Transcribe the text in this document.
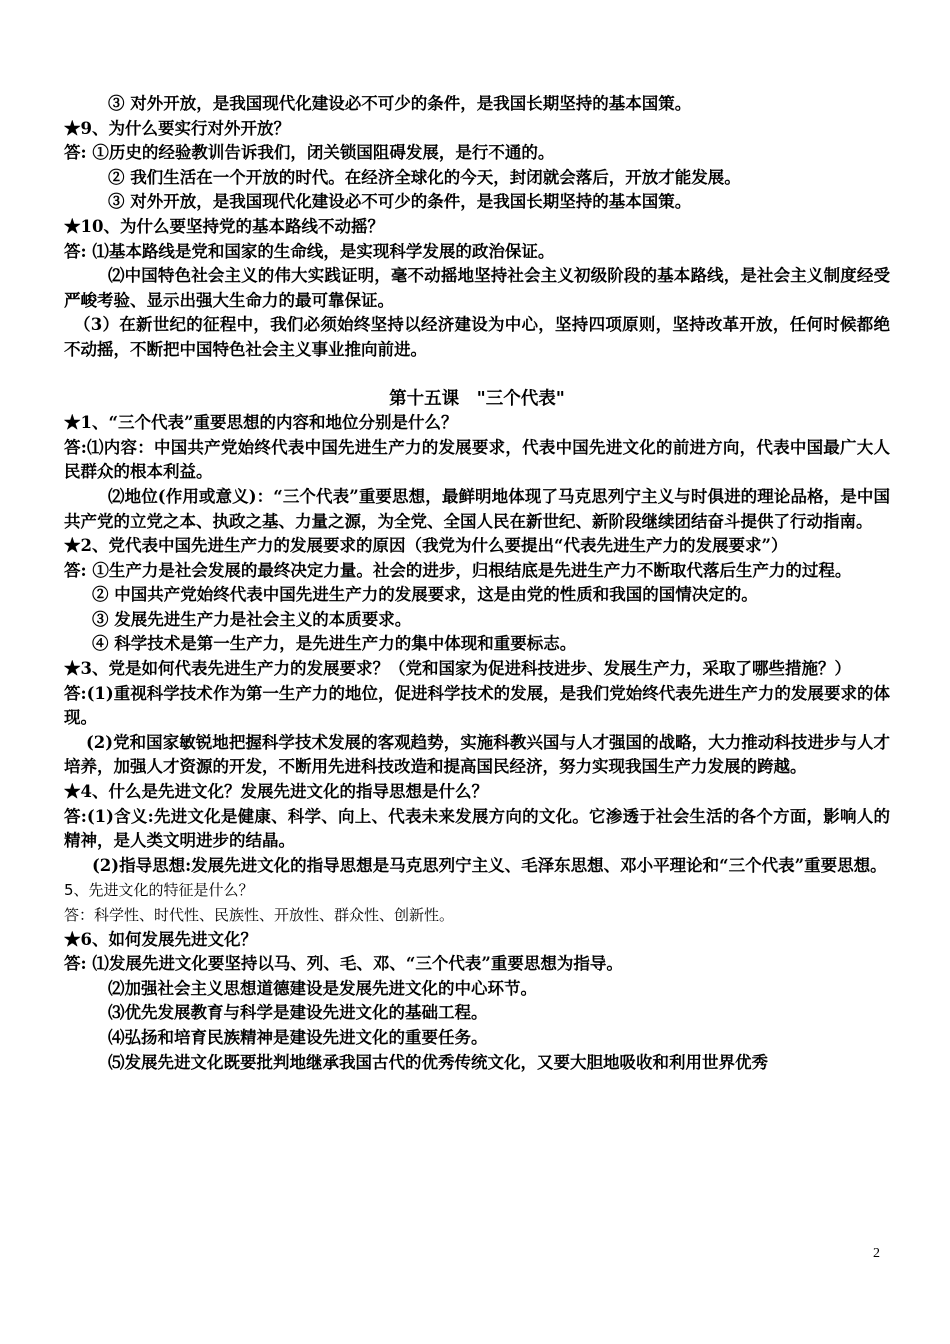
③ 对外开放，是我国现代化建设必不可少的条件，是我国长期坚持的基本国策。
★9、为什么要实行对外开放？
答: ①历史的经验教训告诉我们，闭关锁国阻碍发展，是行不通的。
② 我们生活在一个开放的时代。在经济全球化的今天，封闭就会落后，开放才能发展。
③ 对外开放，是我国现代化建设必不可少的条件，是我国长期坚持的基本国策。
★10、为什么要坚持党的基本路线不动摇？
答: ⑴基本路线是党和国家的生命线，是实现科学发展的政治保证。
⑵中国特色社会主义的伟大实践证明，毫不动摇地坚持社会主义初级阶段的基本路线，是社会主义制度经受严峻考验、显示出强大生命力的最可靠保证。
（3）在新世纪的征程中，我们必须始终坚持以经济建设为中心，坚持四项原则，坚持改革开放，任何时候都绝不动摇，不断把中国特色社会主义事业推向前进。
第十五课　"三个代表"
★1、“三个代表”重要思想的内容和地位分别是什么？
答:⑴内容：中国共产党始终代表中国先进生产力的发展要求，代表中国先进文化的前进方向，代表中国最广大人民群众的根本利益。
⑵地位(作用或意义)：“三个代表”重要思想，最鲜明地体现了马克思列宁主义与时俱进的理论品格，是中国共产党的立党之本、执政之基、力量之源，为全党、全国人民在新世纪、新阶段继续团结奋斗提供了行动指南。
★2、党代表中国先进生产力的发展要求的原因（我党为什么要提出“代表先进生产力的发展要求”）
答: ①生产力是社会发展的最终决定力量。社会的进步，归根结底是先进生产力不断取代落后生产力的过程。
② 中国共产党始终代表中国先进生产力的发展要求，这是由党的性质和我国的国情决定的。
③ 发展先进生产力是社会主义的本质要求。
④ 科学技术是第一生产力，是先进生产力的集中体现和重要标志。
★3、党是如何代表先进生产力的发展要求？（党和国家为促进科技进步、发展生产力，采取了哪些措施？）
答:(1)重视科学技术作为第一生产力的地位，促进科学技术的发展，是我们党始终代表先进生产力的发展要求的体现。
(2)党和国家敏锐地把握科学技术发展的客观趋势，实施科教兴国与人才强国的战略，大力推动科技进步与人才培养，加强人才资源的开发，不断用先进科技改造和提高国民经济，努力实现我国生产力发展的跨越。
★4、什么是先进文化？发展先进文化的指导思想是什么？
答:(1)含义:先进文化是健康、科学、向上、代表未来发展方向的文化。它渗透于社会生活的各个方面，影响人的精神，是人类文明进步的结晶。
(2)指导思想:发展先进文化的指导思想是马克思列宁主义、毛泽东思想、邓小平理论和“三个代表”重要思想。
5、先进文化的特征是什么？
答：科学性、时代性、民族性、开放性、群众性、创新性。
★6、如何发展先进文化？
答: ⑴发展先进文化要坚持以马、列、毛、邓、“三个代表”重要思想为指导。
⑵加强社会主义思想道德建设是发展先进文化的中心环节。
⑶优先发展教育与科学是建设先进文化的基础工程。
⑷弘扬和培育民族精神是建设先进文化的重要任务。
⑸发展先进文化既要批判地继承我国古代的优秀传统文化，又要大胆地吸收和利用世界优秀
2
